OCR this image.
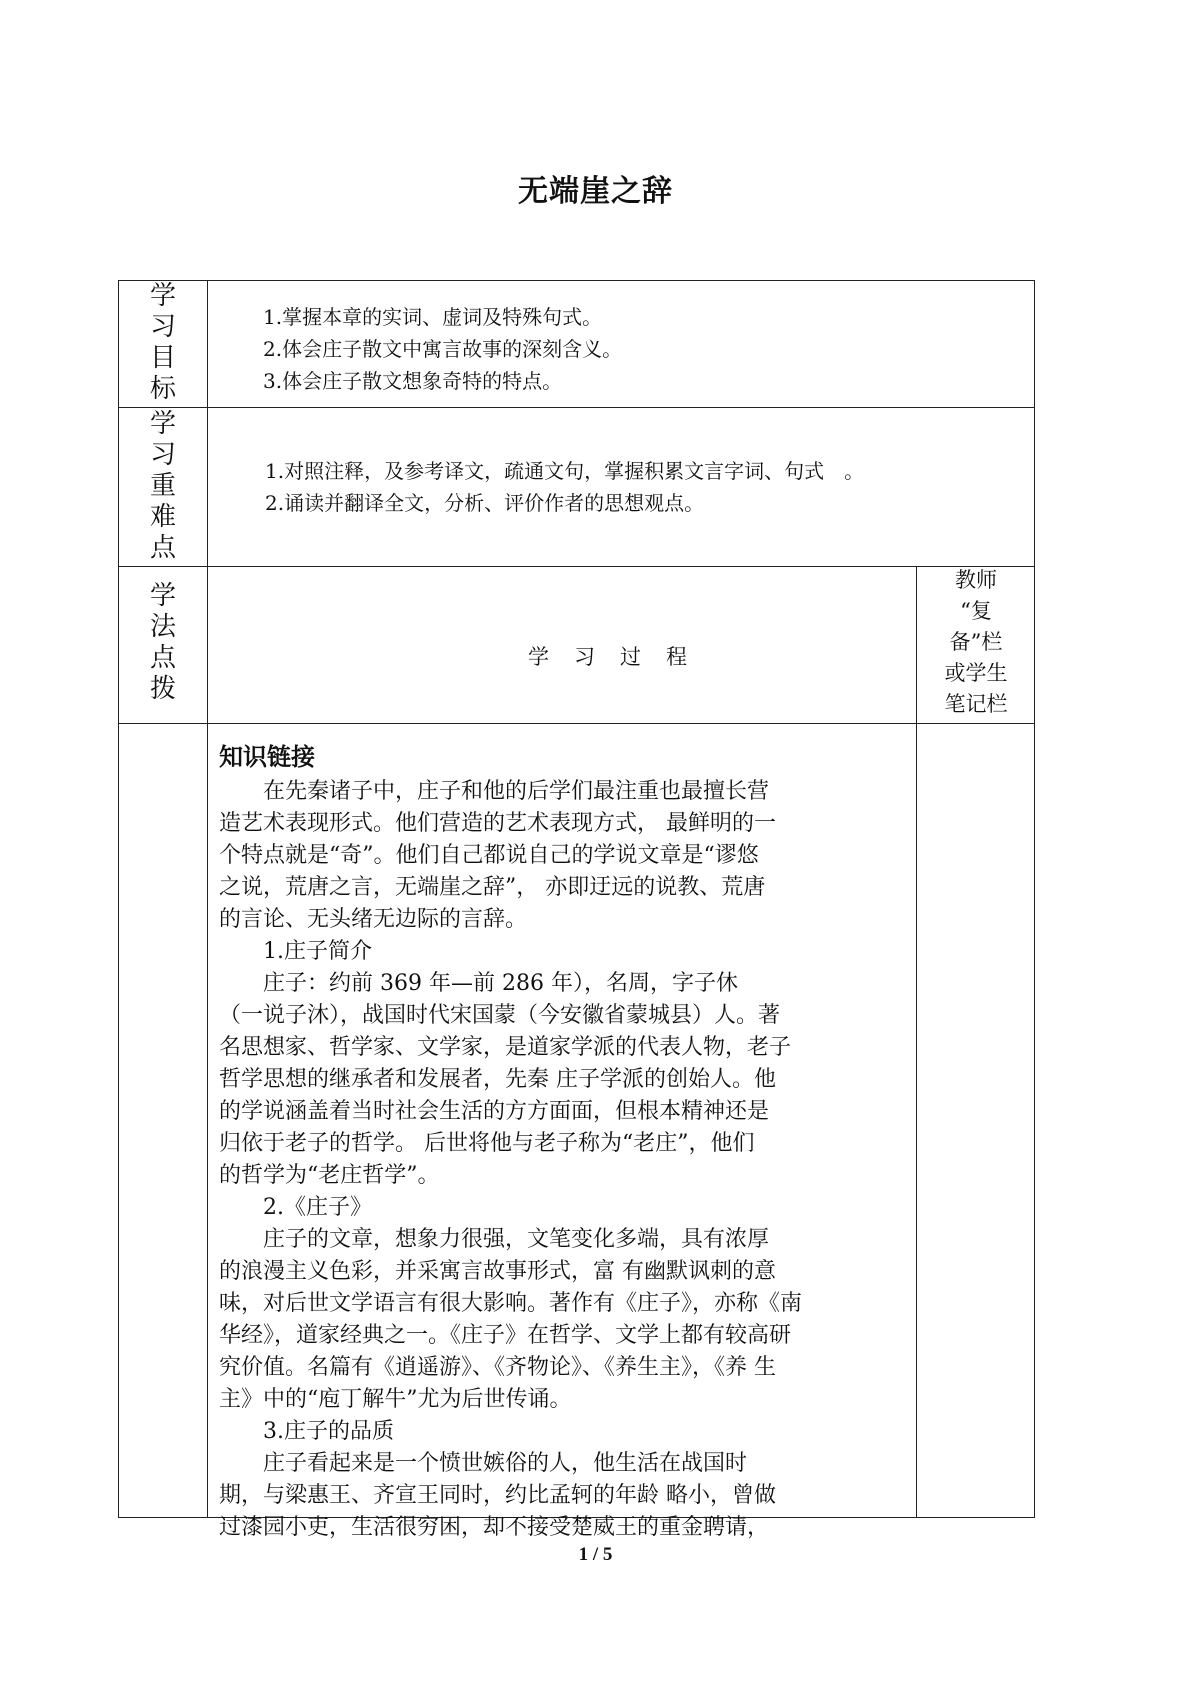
无端崖之辞
学
习
目
标
1.掌握本章的实词、虚词及特殊句式。
2.体会庄子散文中寓言故事的深刻含义。
3.体会庄子散文想象奇特的特点。
学
习
重
难
点
1.对照注释，及参考译文，疏通文句，掌握积累文言字词、句式　。
2.诵读并翻译全文，分析、评价作者的思想观点。
学
法
点
拨
学习过程
教师
“复
备”栏
或学生
笔记栏
知识链接
在先秦诸子中，庄子和他的后学们最注重也最擅长营
造艺术表现形式。他们营造的艺术表现方式， 最鲜明的一
个特点就是“奇”。他们自己都说自己的学说文章是“谬悠
之说，荒唐之言，无端崖之辞”， 亦即迂远的说教、荒唐
的言论、无头绪无边际的言辞。
1.庄子简介
庄子：约前 369 年—前 286 年），名周，字子休
（一说子沐），战国时代宋国蒙（今安徽省蒙城县）人。著
名思想家、哲学家、文学家，是道家学派的代表人物，老子
哲学思想的继承者和发展者，先秦 庄子学派的创始人。他
的学说涵盖着当时社会生活的方方面面，但根本精神还是
归依于老子的哲学。 后世将他与老子称为“老庄”，他们
的哲学为“老庄哲学”。
2.《庄子》
庄子的文章，想象力很强，文笔变化多端，具有浓厚
的浪漫主义色彩，并采寓言故事形式，富 有幽默讽刺的意
味，对后世文学语言有很大影响。著作有《庄子》，亦称《南
华经》，道家经典之一。《庄子》在哲学、文学上都有较高研
究价值。名篇有《逍遥游》、《齐物论》、《养生主》，《养 生
主》中的“庖丁解牛”尤为后世传诵。
3.庄子的品质
庄子看起来是一个愤世嫉俗的人，他生活在战国时
期，与梁惠王、齐宣王同时，约比孟轲的年龄 略小，曾做
过漆园小吏，生活很穷困，却不接受楚威王的重金聘请，
1 / 5
